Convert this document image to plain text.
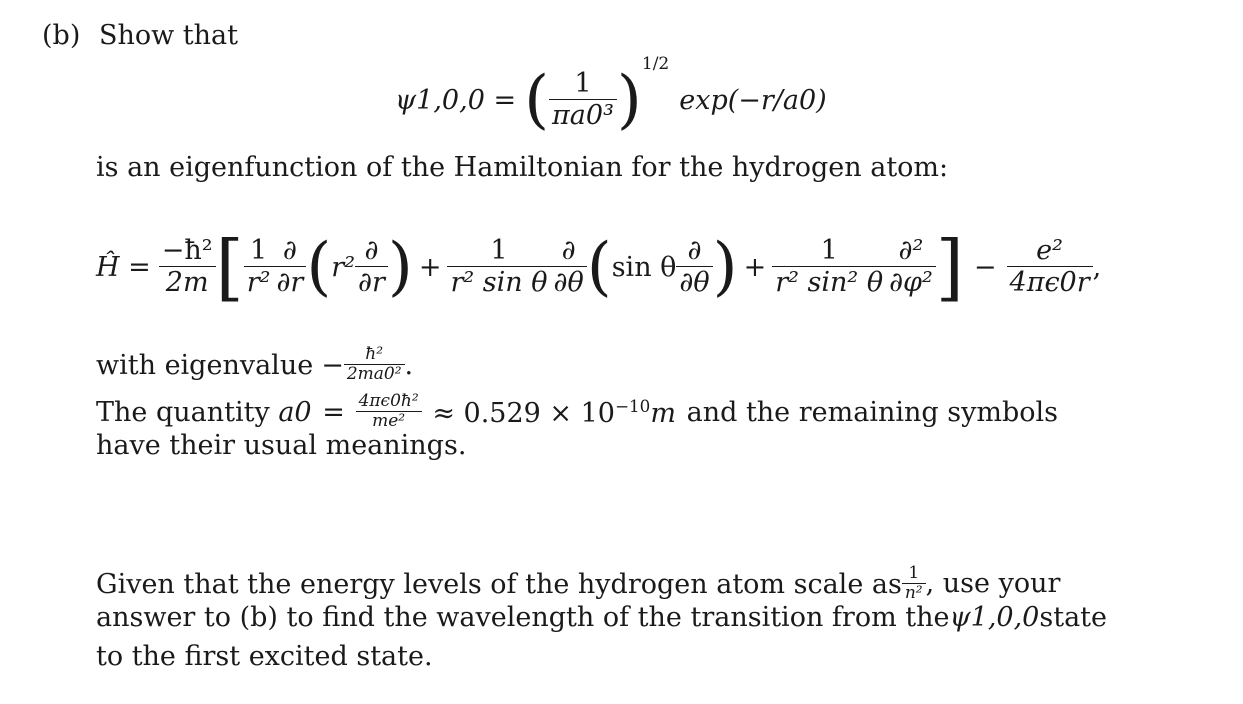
(b) Show that
ψ1,0,0 = ( $\frac{1}{\text{πa0³}}$ ) 1/2
exp(−r/a0)
is an eigenfunction of the Hamiltonian for the hydrogen atom:
Ĥ = $\frac{\text{−ħ²}}{2m}$ [ $\frac{1}{\text{r²}} \frac{\partial}{\partial r}$ ( $r^2 \frac{\partial}{\partial r}$ ) + $\frac{1}{\text{r² sin θ}} \frac{\partial}{\partial\theta}$ ( sin θ $\frac{\partial}{\partial\theta}$ ) + $\frac{1}{\text{r² sin² θ}} \frac{\text{∂²}}{\text{∂φ²}}$ ] − $\frac{\text{e²}}{4\pi\epsilon 0r}$ ,
with eigenvalue − $\frac{\text{ħ²}}{\text{2ma0²}}$ .
The quantity $a0 = \frac{\text{4πϵ0ħ²}}{\text{me²}} \approx 0.529 \times 10^{-10}m$ and the remaining symbols
have their usual meanings.
Given that the energy levels of the hydrogen atom scale as $\frac{1}{\text{n²}}$ , use your
answer to (b) to find the wavelength of the transition from the ψ1,0,0 state
to the first excited state.
